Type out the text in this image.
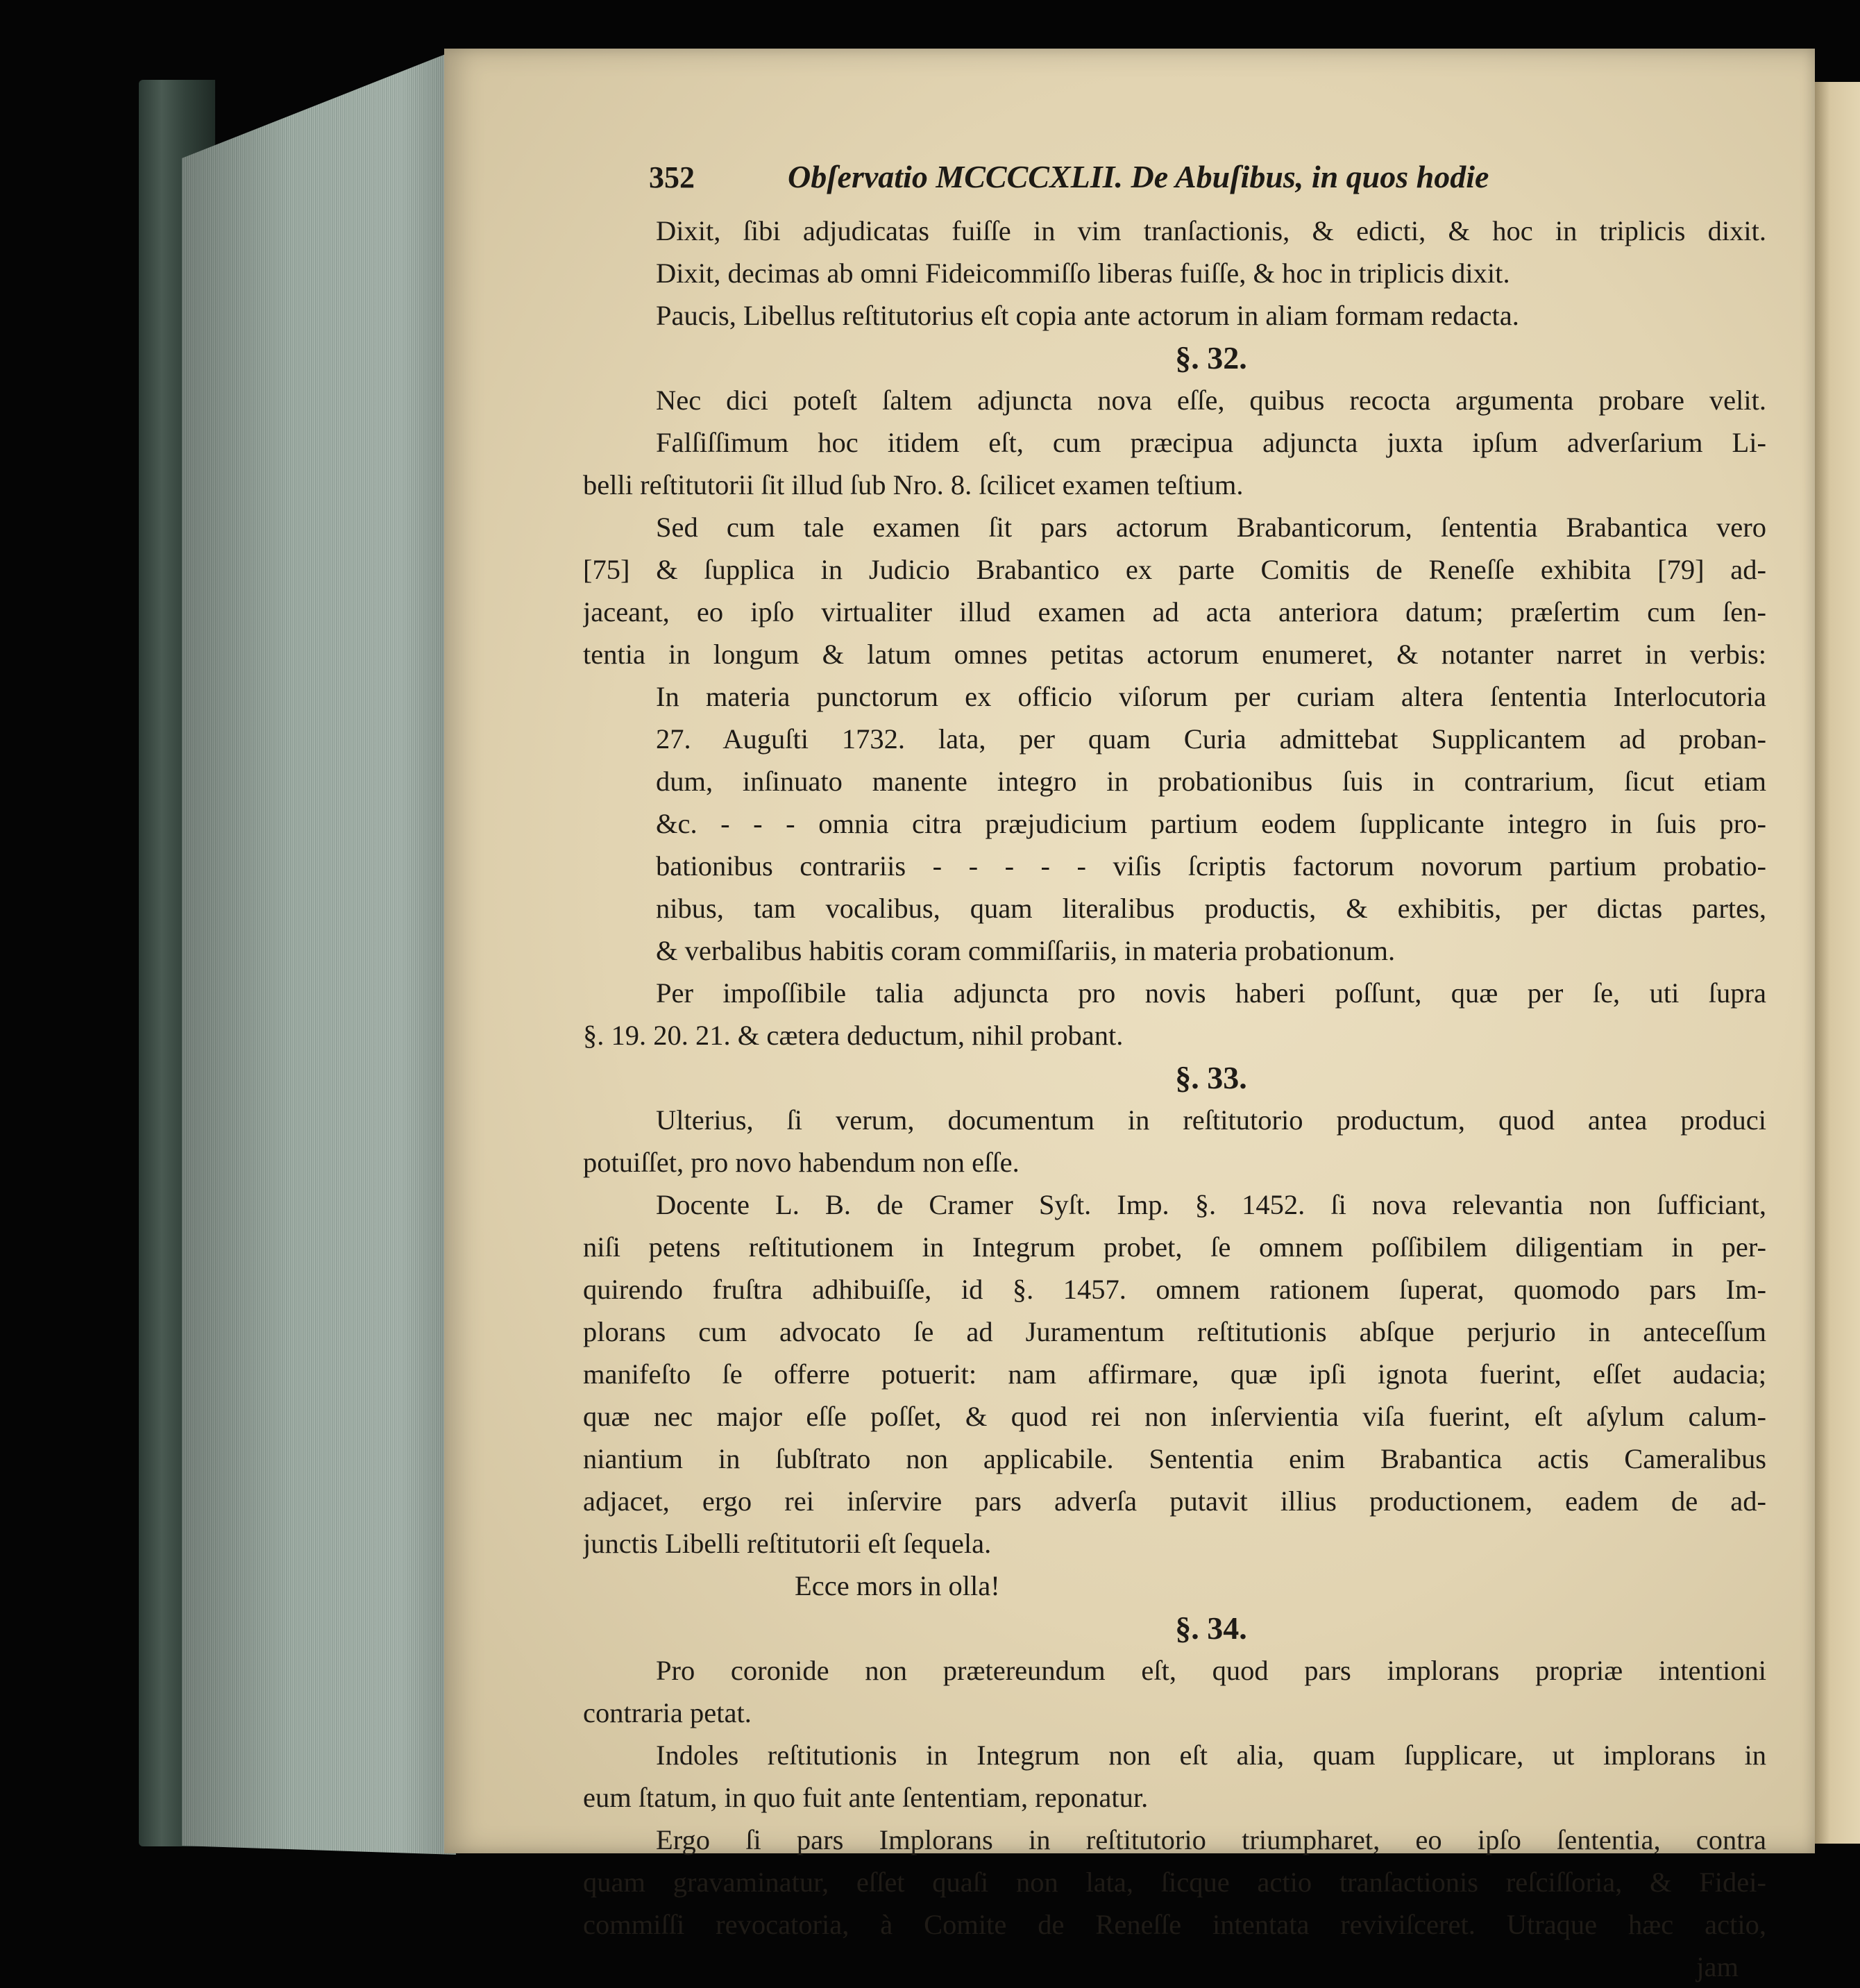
352	Obſervatio MCCCCXLII. De Abuſibus, in quos hodie
Dixit, ſibi adjudicatas fuiſſe in vim tranſactionis, & edicti, & hoc in triplicis dixit.
Dixit, decimas ab omni Fideicommiſſo liberas fuiſſe, & hoc in triplicis dixit.
Paucis, Libellus reſtitutorius eſt copia ante actorum in aliam formam redacta.
§. 32.
Nec dici poteſt ſaltem adjuncta nova eſſe, quibus recocta argumenta probare velit.
Falſiſſimum hoc itidem eſt, cum præcipua adjuncta juxta ipſum adverſarium Li-
belli reſtitutorii ſit illud ſub Nro. 8. ſcilicet examen teſtium.
Sed cum tale examen ſit pars actorum Brabanticorum, ſententia Brabantica vero
[75] & ſupplica in Judicio Brabantico ex parte Comitis de Reneſſe exhibita [79] ad-
jaceant, eo ipſo virtualiter illud examen ad acta anteriora datum; præſertim cum ſen-
tentia in longum & latum omnes petitas actorum enumeret, & notanter narret in verbis:
In materia punctorum ex officio viſorum per curiam altera ſententia Interlocutoria
27. Auguſti 1732. lata, per quam Curia admittebat Supplicantem ad proban-
dum, inſinuato manente integro in probationibus ſuis in contrarium, ſicut etiam
&c. - - - omnia citra præjudicium partium eodem ſupplicante integro in ſuis pro-
bationibus contrariis - - - - - viſis ſcriptis factorum novorum partium probatio-
nibus, tam vocalibus, quam literalibus productis, & exhibitis, per dictas partes,
& verbalibus habitis coram commiſſariis, in materia probationum.
Per impoſſibile talia adjuncta pro novis haberi poſſunt, quæ per ſe, uti ſupra
§. 19. 20. 21. & cætera deductum, nihil probant.
§. 33.
Ulterius, ſi verum, documentum in reſtitutorio productum, quod antea produci
potuiſſet, pro novo habendum non eſſe.
Docente L. B. de Cramer Syſt. Imp. §. 1452. ſi nova relevantia non ſufficiant,
niſi petens reſtitutionem in Integrum probet, ſe omnem poſſibilem diligentiam in per-
quirendo fruſtra adhibuiſſe, id §. 1457. omnem rationem ſuperat, quomodo pars Im-
plorans cum advocato ſe ad Juramentum reſtitutionis abſque perjurio in anteceſſum
manifeſto ſe offerre potuerit: nam affirmare, quæ ipſi ignota fuerint, eſſet audacia;
quæ nec major eſſe poſſet, & quod rei non inſervientia viſa fuerint, eſt aſylum calum-
niantium in ſubſtrato non applicabile. Sententia enim Brabantica actis Cameralibus
adjacet, ergo rei inſervire pars adverſa putavit illius productionem, eadem de ad-
junctis Libelli reſtitutorii eſt ſequela.
Ecce mors in olla!
§. 34.
Pro coronide non prætereundum eſt, quod pars implorans propriæ intentioni
contraria petat.
Indoles reſtitutionis in Integrum non eſt alia, quam ſupplicare, ut implorans in
eum ſtatum, in quo fuit ante ſententiam, reponatur.
Ergo ſi pars Implorans in reſtitutorio triumpharet, eo ipſo ſententia, contra
quam gravaminatur, eſſet quaſi non lata, ſicque actio tranſactionis reſciſſoria, & Fidei-
commiſſi revocatoria, à Comite de Reneſſe intentata reviviſceret. Utraque hæc actio,
jam
